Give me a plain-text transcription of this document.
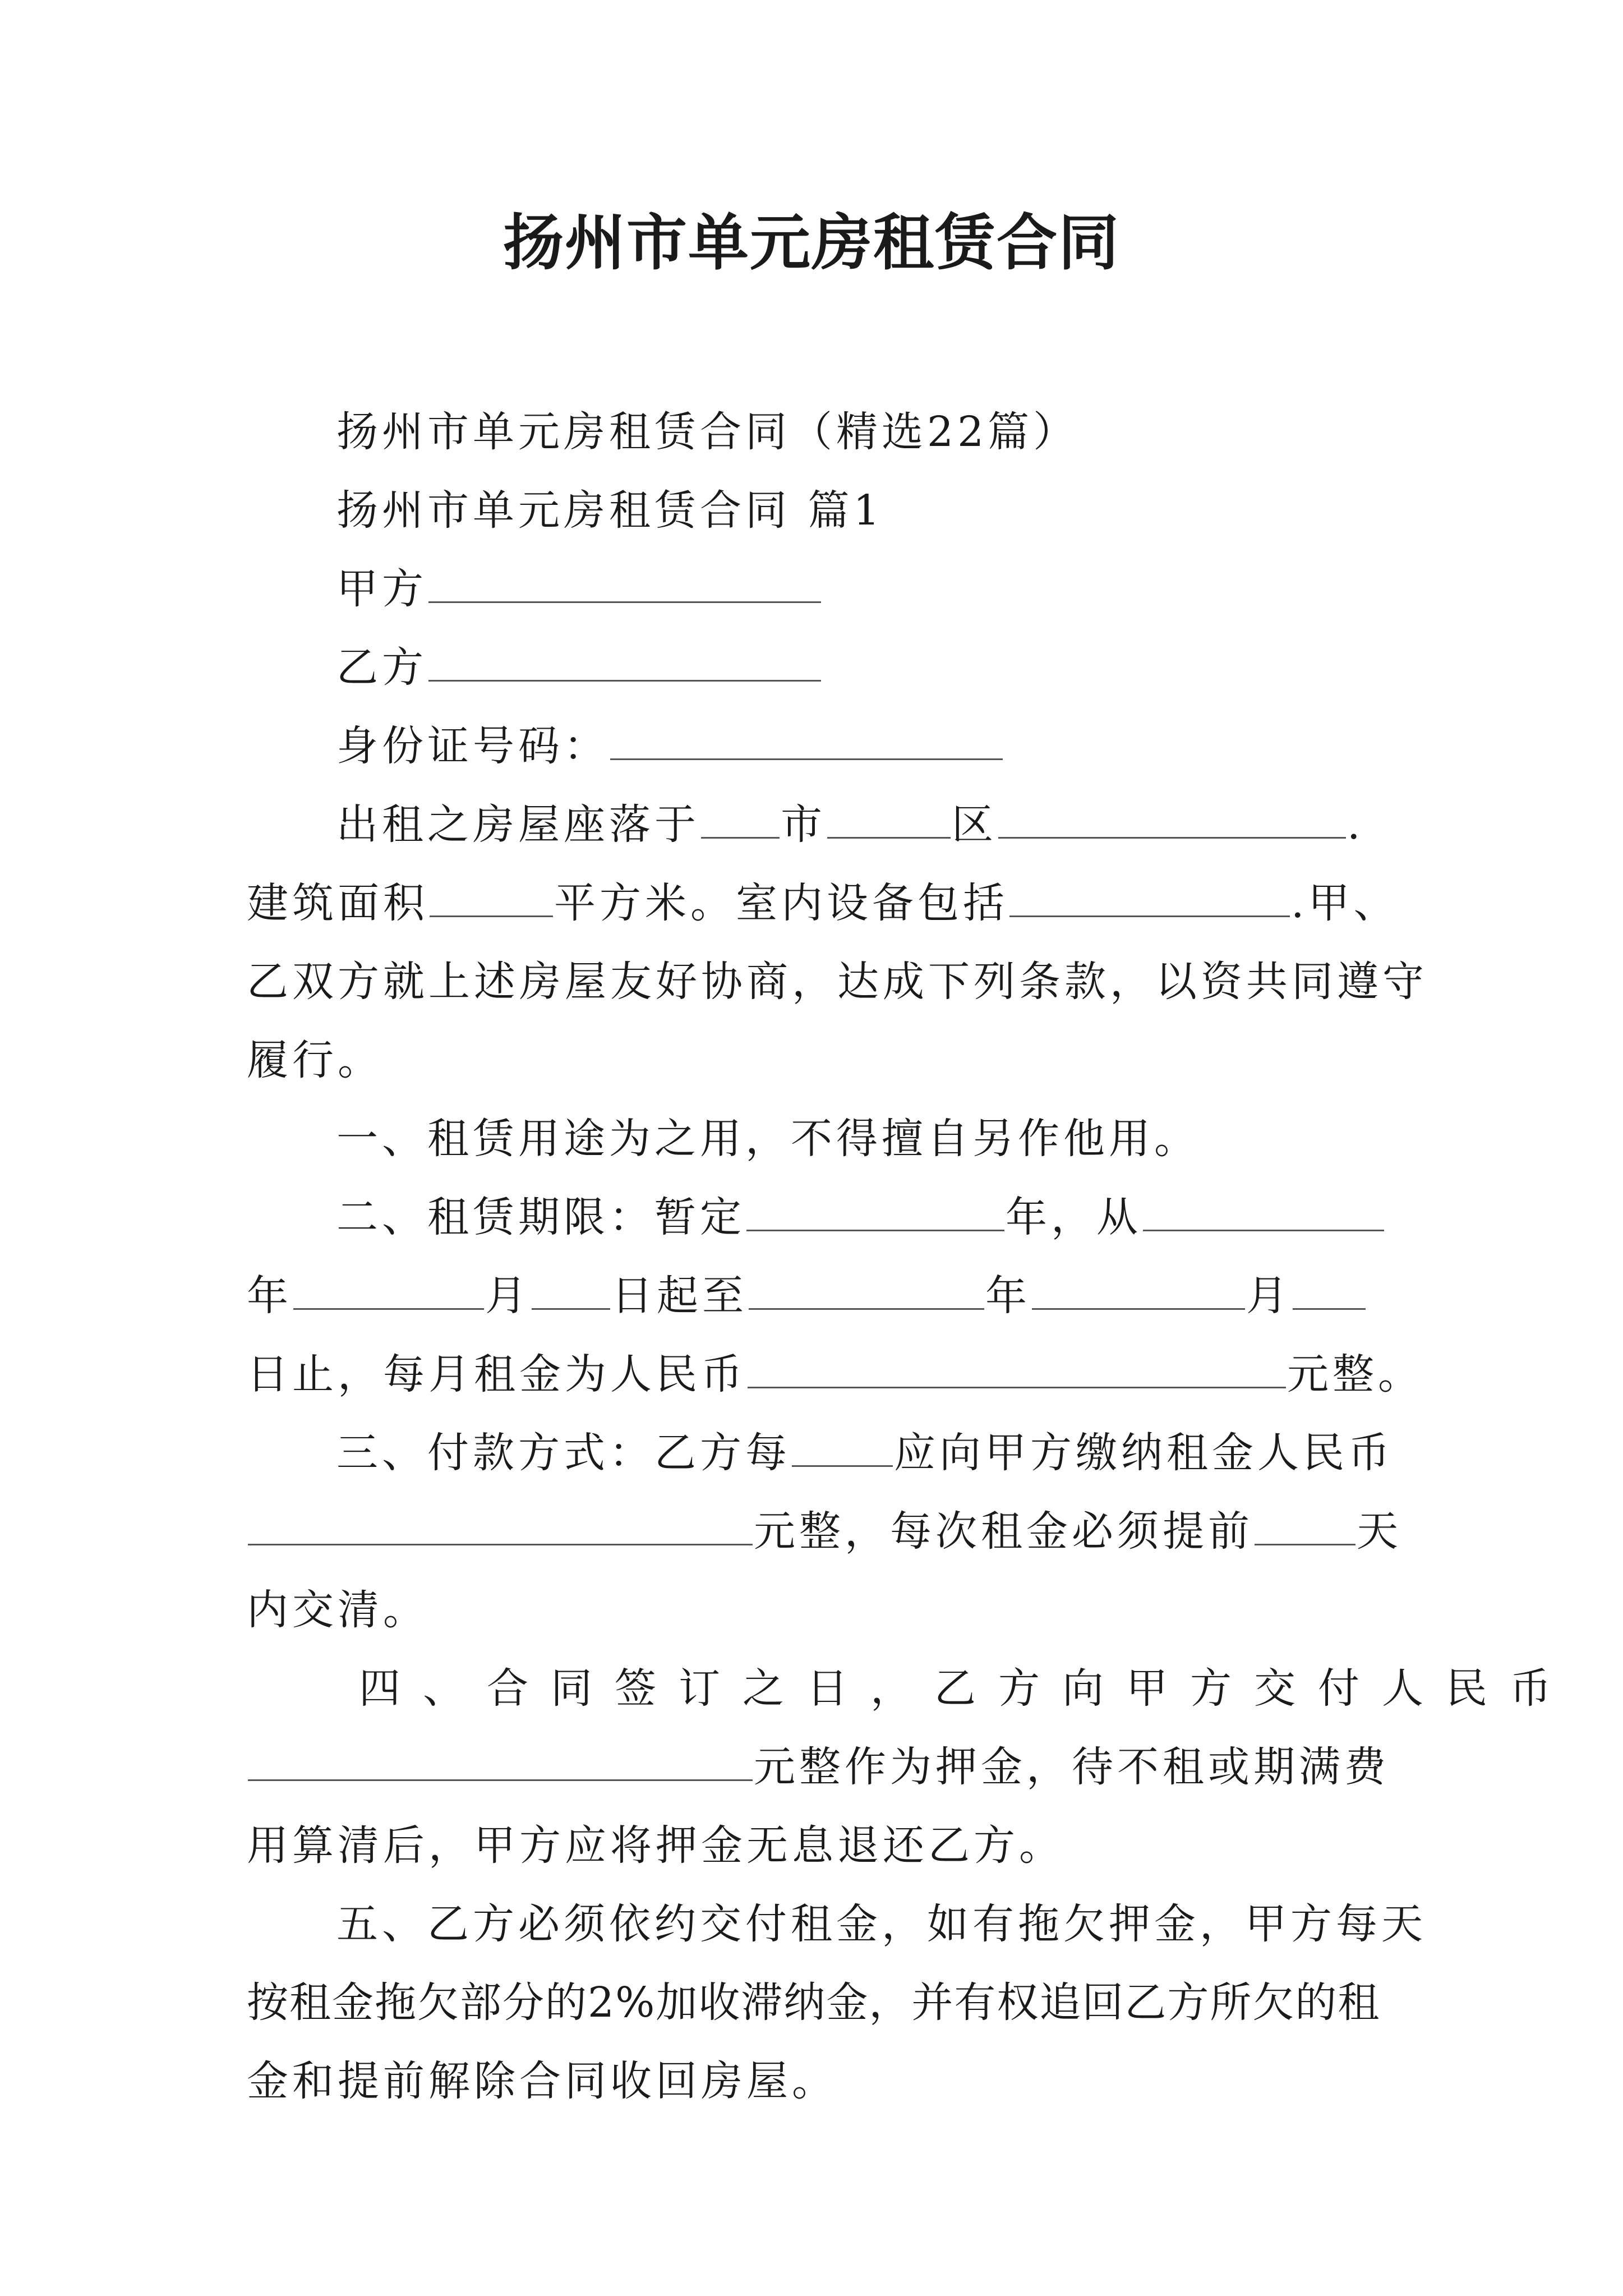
扬州市单元房租赁合同
扬州市单元房租赁合同（精选22篇）
扬州市单元房租赁合同 篇1
甲方
乙方
身份证号码：
出租之房屋座落于 市	区	.
建筑面积	平方米。室内设备包括	.甲、
乙双方就上述房屋友好协商，达成下列条款，以资共同遵守
履行。
一、租赁用途为之用，不得擅自另作他用。
二、租赁期限：暂定	年，从
年	月 日起至	年	月
日止，每月租金为人民币	元整。
三、付款方式：乙方每 应向甲方缴纳租金人民币
元整，每次租金必须提前 天
内交清。
四、合同签订之日，乙方向甲方交付人民币
元整作为押金，待不租或期满费
用算清后，甲方应将押金无息退还乙方。
五、乙方必须依约交付租金，如有拖欠押金，甲方每天
按租金拖欠部分的2%加收滞纳金，并有权追回乙方所欠的租
金和提前解除合同收回房屋。
